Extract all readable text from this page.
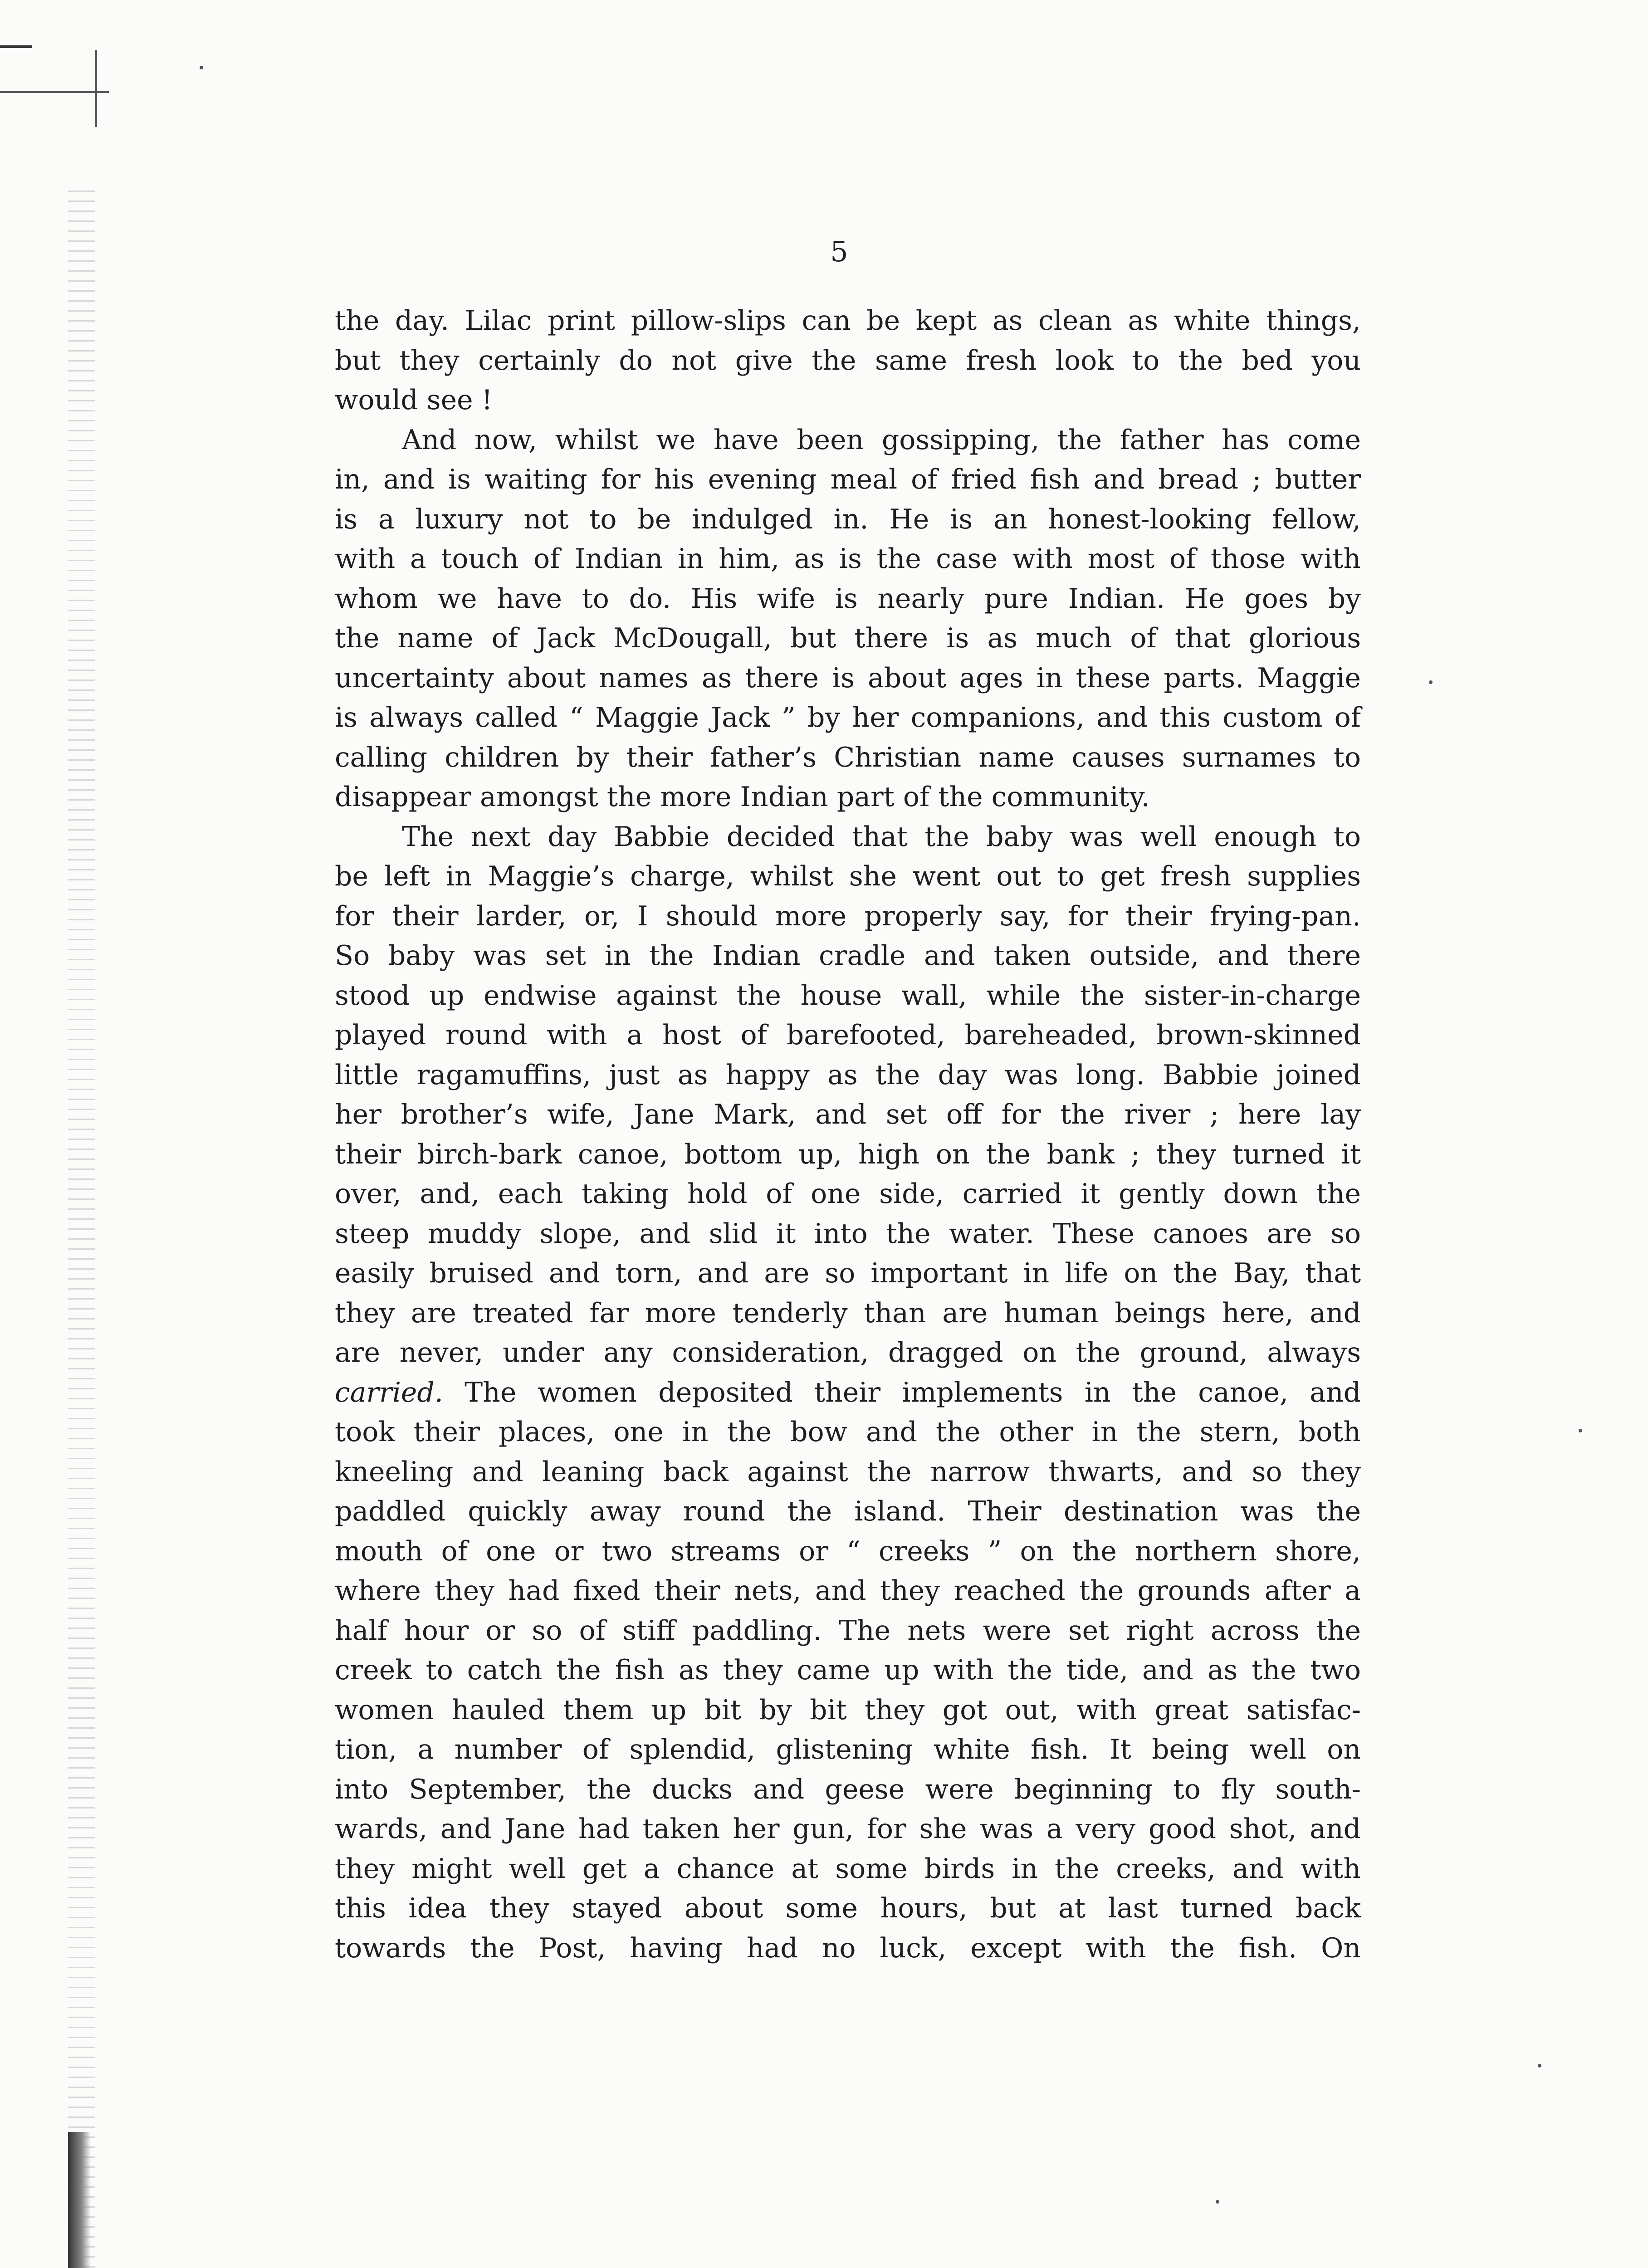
5
the day. Lilac print pillow-slips can be kept as clean as white things,
but they certainly do not give the same fresh look to the bed you
would see !
And now, whilst we have been gossipping, the father has come
in, and is waiting for his evening meal of fried fish and bread ; butter
is a luxury not to be indulged in. He is an honest-looking fellow,
with a touch of Indian in him, as is the case with most of those with
whom we have to do. His wife is nearly pure Indian. He goes by
the name of Jack McDougall, but there is as much of that glorious
uncertainty about names as there is about ages in these parts. Maggie
is always called “ Maggie Jack ” by her companions, and this custom of
calling children by their father’s Christian name causes surnames to
disappear amongst the more Indian part of the community.
The next day Babbie decided that the baby was well enough to
be left in Maggie’s charge, whilst she went out to get fresh supplies
for their larder, or, I should more properly say, for their frying-pan.
So baby was set in the Indian cradle and taken outside, and there
stood up endwise against the house wall, while the sister-in-charge
played round with a host of barefooted, bareheaded, brown-skinned
little ragamuffins, just as happy as the day was long. Babbie joined
her brother’s wife, Jane Mark, and set off for the river ; here lay
their birch-bark canoe, bottom up, high on the bank ; they turned it
over, and, each taking hold of one side, carried it gently down the
steep muddy slope, and slid it into the water. These canoes are so
easily bruised and torn, and are so important in life on the Bay, that
they are treated far more tenderly than are human beings here, and
are never, under any consideration, dragged on the ground, always
carried. The women deposited their implements in the canoe, and
took their places, one in the bow and the other in the stern, both
kneeling and leaning back against the narrow thwarts, and so they
paddled quickly away round the island. Their destination was the
mouth of one or two streams or “ creeks ” on the northern shore,
where they had fixed their nets, and they reached the grounds after a
half hour or so of stiff paddling. The nets were set right across the
creek to catch the fish as they came up with the tide, and as the two
women hauled them up bit by bit they got out, with great satisfac-
tion, a number of splendid, glistening white fish. It being well on
into September, the ducks and geese were beginning to fly south-
wards, and Jane had taken her gun, for she was a very good shot, and
they might well get a chance at some birds in the creeks, and with
this idea they stayed about some hours, but at last turned back
towards the Post, having had no luck, except with the fish. On
